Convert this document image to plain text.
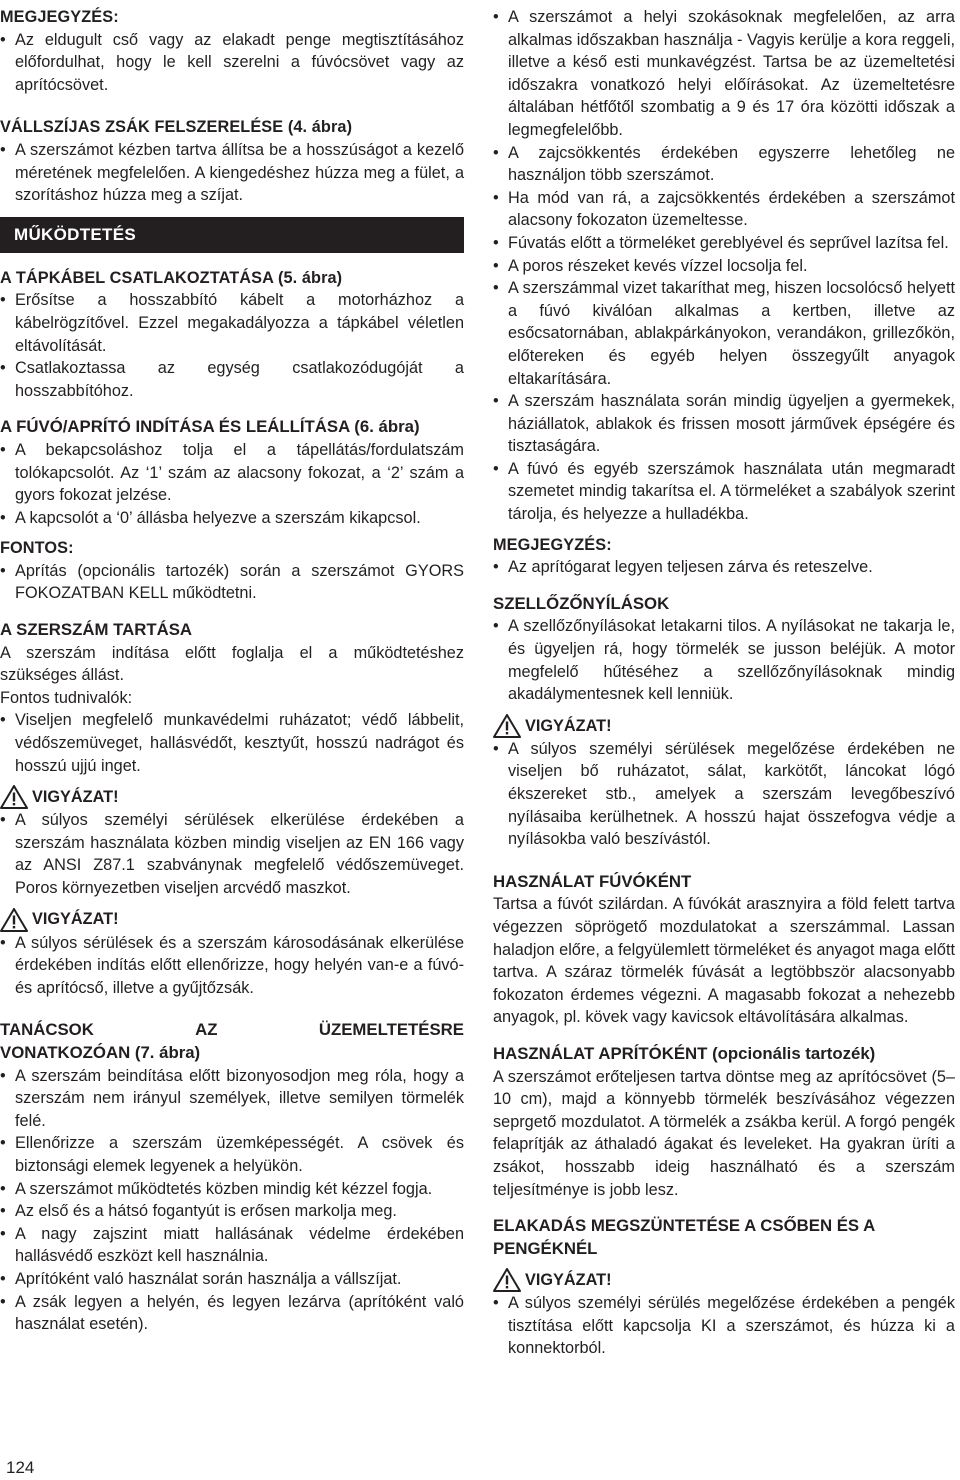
MEGJEGYZÉS:

• Az eldugult cső vagy az elakadt penge megtisztításához előfordulhat, hogy le kell szerelni a fúvócsövet vagy az aprítócsövet.

VÁLLSZÍJAS ZSÁK FELSZERELÉSE (4. ábra)

• A szerszámot kézben tartva állítsa be a hosszúságot a kezelő méretének megfelelően. A kiengedéshez húzza meg a fület, a szorításhoz húzza meg a szíjat.
MŰKÖDTETÉS

A TÁPKÁBEL CSATLAKOZTATÁSA (5. ábra)

• Erősítse a hosszabbító kábelt a motorházhoz a kábelrögzítővel. Ezzel megakadályozza a tápkábel véletlen eltávolítását.
• Csatlakoztassa az egység csatlakozódugóját a hosszabbítóhoz.

A FÚVÓ/APRÍTÓ INDÍTÁSA ÉS LEÁLLÍTÁSA (6. ábra)

• A bekapcsoláshoz tolja el a tápellátás/fordulatszám tolókapcsolót. Az ‘1’ szám az alacsony fokozat, a ‘2’ szám a gyors fokozat jelzése.
• A kapcsolót a ‘0’ állásba helyezve a szerszám kikapcsol.

FONTOS:

• Aprítás (opcionális tartozék) során a szerszámot GYORS FOKOZATBAN KELL működtetni.

A SZERSZÁM TARTÁSA

A szerszám indítása előtt foglalja el a működtetéshez szükséges állást.

Fontos tudnivalók:

• Viseljen megfelelő munkavédelmi ruházatot; védő lábbelit, védőszemüveget, hallásvédőt, kesztyűt, hosszú nadrágot és hosszú ujjú inget.
VIGYÁZAT!
• A súlyos személyi sérülések elkerülése érdekében a szerszám használata közben mindig viseljen az EN 166 vagy az ANSI Z87.1 szabványnak megfelelő védőszemüveget. Poros környezetben viseljen arcvédő maszkot.
VIGYÁZAT!
• A súlyos sérülések és a szerszám károsodásának elkerülése érdekében indítás előtt ellenőrizze, hogy helyén van-e a fúvó- és aprítócső, illetve a gyűjtőzsák.
TANÁCSOK	AZ	ÜZEMELTETÉSRE

VONATKOZÓAN (7. ábra)

• A szerszám beindítása előtt bizonyosodjon meg róla, hogy a szerszám nem irányul személyek, illetve semilyen törmelék felé.
• Ellenőrizze a szerszám üzemképességét. A csövek és biztonsági elemek legyenek a helyükön.
• A szerszámot működtetés közben mindig két kézzel fogja.
• Az első és a hátsó fogantyút is erősen markolja meg.
• A nagy zajszint miatt hallásának védelme érdekében hallásvédő eszközt kell használnia.
• Aprítóként való használat során használja a vállszíjat.
• A zsák legyen a helyén, és legyen lezárva (aprítóként való használat esetén).
124
• A szerszámot a helyi szokásoknak megfelelően, az arra alkalmas időszakban használja - Vagyis kerülje a kora reggeli, illetve a késő esti munkavégzést. Tartsa be az üzemeltetési időszakra vonatkozó helyi előírásokat. Az üzemeltetésre általában hétfőtől szombatig a 9 és 17 óra közötti időszak a legmegfelelőbb.
• A zajcsökkentés érdekében egyszerre lehetőleg ne használjon több szerszámot.
• Ha mód van rá, a zajcsökkentés érdekében a szerszámot alacsony fokozaton üzemeltesse.
• Fúvatás előtt a törmeléket gereblyével és seprűvel lazítsa fel.
• A poros részeket kevés vízzel locsolja fel.
• A szerszámmal vizet takaríthat meg, hiszen locsolócső helyett a fúvó kiválóan alkalmas a kertben, illetve az esőcsatornában, ablakpárkányokon, verandákon, grillezőkön, előtereken és egyéb helyen összegyűlt anyagok eltakarítására.
• A szerszám használata során mindig ügyeljen a gyermekek, háziállatok, ablakok és frissen mosott járművek épségére és tisztaságára.
• A fúvó és egyéb szerszámok használata után megmaradt szemetet mindig takarítsa el. A törmeléket a szabályok szerint tárolja, és helyezze a hulladékba.

MEGJEGYZÉS:

• Az aprítógarat legyen teljesen zárva és reteszelve.

SZELLŐZŐNYÍLÁSOK

• A szellőzőnyílásokat letakarni tilos. A nyílásokat ne takarja le, és ügyeljen rá, hogy törmelék se jusson beléjük. A motor megfelelő hűtéséhez a szellőzőnyílásoknak mindig akadálymentesnek kell lenniük.
VIGYÁZAT!
• A súlyos személyi sérülések megelőzése érdekében ne viseljen bő ruházatot, sálat, karkötőt, láncokat lógó ékszereket stb., amelyek a szerszám levegőbeszívó nyílásaiba kerülhetnek. A hosszú hajat összefogva védje a nyílásokba való beszívástól.

HASZNÁLAT FÚVÓKÉNT

Tartsa a fúvót szilárdan. A fúvókát arasznyira a föld felett tartva végezzen söprögető mozdulatokat a szerszámmal. Lassan haladjon előre, a felgyülemlett törmeléket és anyagot maga előtt tartva. A száraz törmelék fúvását a legtöbbször alacsonyabb fokozaton érdemes végezni. A magasabb fokozat a nehezebb anyagok, pl. kövek vagy kavicsok eltávolítására alkalmas.

HASZNÁLAT APRÍTÓKÉNT (opcionális tartozék)

A szerszámot erőteljesen tartva döntse meg az aprítócsövet (5–10 cm), majd a könnyebb törmelék beszívásához végezzen seprgető mozdulatot. A törmelék a zsákba kerül. A forgó pengék felaprítják az áthaladó ágakat és leveleket. Ha gyakran üríti a zsákot, hosszabb ideig használható és a szerszám teljesítménye is jobb lesz.

ELAKADÁS MEGSZÜNTETÉSE A CSŐBEN ÉS A PENGÉKNÉL

VIGYÁZAT!
• A súlyos személyi sérülés megelőzése érdekében a pengék tisztítása előtt kapcsolja KI a szerszámot, és húzza ki a konnektorból.
